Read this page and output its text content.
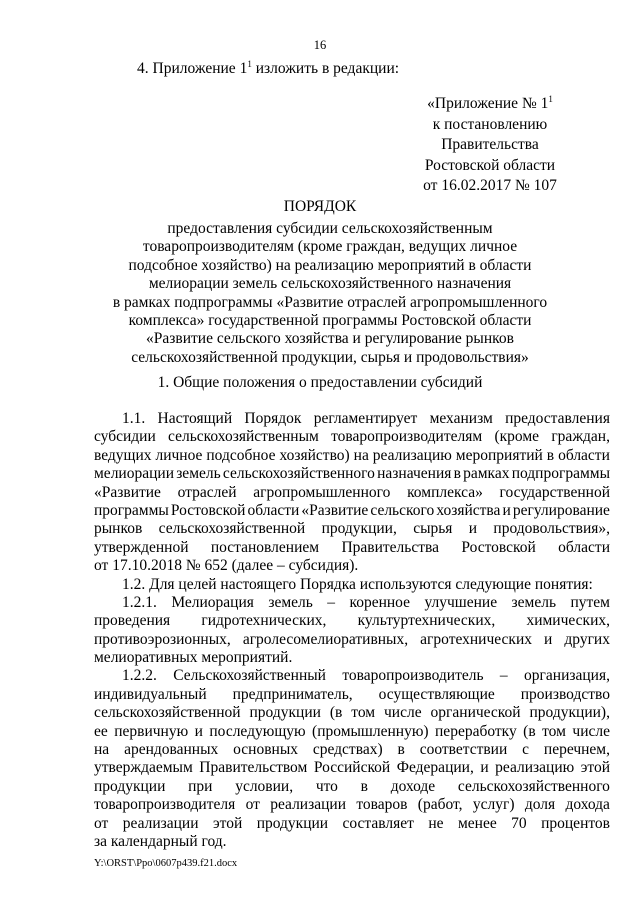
16
4. Приложение $1^1$ изложить в редакции:
«Приложение № $1^1$
к постановлению
Правительства
Ростовской области
от 16.02.2017 № 107
ПОРЯДОК
предоставления субсидии сельскохозяйственным
товаропроизводителям (кроме граждан, ведущих личное
подсобное хозяйство) на реализацию мероприятий в области
мелиорации земель сельскохозяйственного назначения
в рамках подпрограммы «Развитие отраслей агропромышленного
комплекса» государственной программы Ростовской области
«Развитие сельского хозяйства и регулирование рынков
сельскохозяйственной продукции, сырья и продовольствия»
1. Общие положения о предоставлении субсидий
1.1. Настоящий Порядок регламентирует механизм предоставления
субсидии сельскохозяйственным товаропроизводителям (кроме граждан,
ведущих личное подсобное хозяйство) на реализацию мероприятий в области
мелиорации земель сельскохозяйственного назначения в рамках подпрограммы
«Развитие отраслей агропромышленного комплекса» государственной
программы Ростовской области «Развитие сельского хозяйства и регулирование
рынков сельскохозяйственной продукции, сырья и продовольствия»,
утвержденной постановлением Правительства Ростовской области
от 17.10.2018 № 652 (далее – субсидия).
1.2. Для целей настоящего Порядка используются следующие понятия:
1.2.1. Мелиорация земель – коренное улучшение земель путем
проведения гидротехнических, культуртехнических, химических,
противоэрозионных, агролесомелиоративных, агротехнических и других
мелиоративных мероприятий.
1.2.2. Сельскохозяйственный товаропроизводитель – организация,
индивидуальный предприниматель, осуществляющие производство
сельскохозяйственной продукции (в том числе органической продукции),
ее первичную и последующую (промышленную) переработку (в том числе
на арендованных основных средствах) в соответствии с перечнем,
утверждаемым Правительством Российской Федерации, и реализацию этой
продукции при условии, что в доходе сельскохозяйственного
товаропроизводителя от реализации товаров (работ, услуг) доля дохода
от реализации этой продукции составляет не менее 70 процентов
за календарный год.
Y:\ORST\Ppo\0607p439.f21.docx
